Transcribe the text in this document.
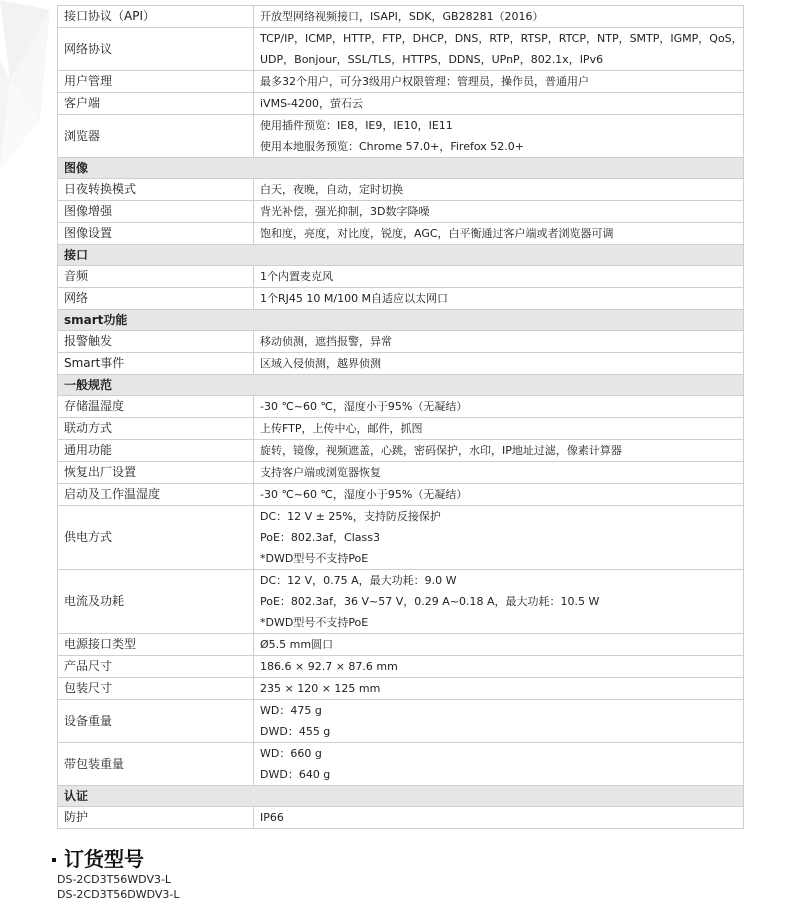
接口协议（API）	开放型网络视频接口，ISAPI，SDK，GB28281（2016）

网络协议	TCP/IP，ICMP，HTTP，FTP，DHCP，DNS，RTP，RTSP，RTCP，NTP，SMTP，IGMP，QoS，
UDP，Bonjour，SSL/TLS，HTTPS，DDNS，UPnP，802.1x，IPv6

用户管理	最多32个用户，可分3级用户权限管理：管理员，操作员，普通用户

客户端	iVMS-4200，萤石云

浏览器	使用插件预览：IE8，IE9，IE10，IE11
使用本地服务预览：Chrome 57.0+，Firefox 52.0+

图像	
日夜转换模式	白天，夜晚，自动，定时切换

图像增强	背光补偿，强光抑制，3D数字降噪

图像设置	饱和度，亮度，对比度，锐度，AGC，白平衡通过客户端或者浏览器可调

接口	
音频	1个内置麦克风

网络	1个RJ45 10 M/100 M自适应以太网口

smart功能	
报警触发	移动侦测，遮挡报警，异常

Smart事件	区域入侵侦测，越界侦测

一般规范	
存储温湿度	-30 ℃~60 ℃，湿度小于95%（无凝结）

联动方式	上传FTP，上传中心，邮件，抓图

通用功能	旋转，镜像，视频遮盖，心跳，密码保护，水印，IP地址过滤，像素计算器

恢复出厂设置	支持客户端或浏览器恢复

启动及工作温湿度	-30 ℃~60 ℃，湿度小于95%（无凝结）

供电方式	DC：12 V ± 25%，支持防反接保护
PoE：802.3af，Class3
*DWD型号不支持PoE

电流及功耗	DC：12 V，0.75 A，最大功耗：9.0 W
PoE：802.3af，36 V~57 V，0.29 A~0.18 A，最大功耗：10.5 W
*DWD型号不支持PoE

电源接口类型	Ø5.5 mm圆口

产品尺寸	186.6 × 92.7 × 87.6 mm

包装尺寸	235 × 120 × 125 mm

设备重量	WD：475 g
DWD：455 g

带包装重量	WD：660 g
DWD：640 g

认证	
防护	IP66
订货型号
DS-2CD3T56WDV3-L
DS-2CD3T56DWDV3-L
